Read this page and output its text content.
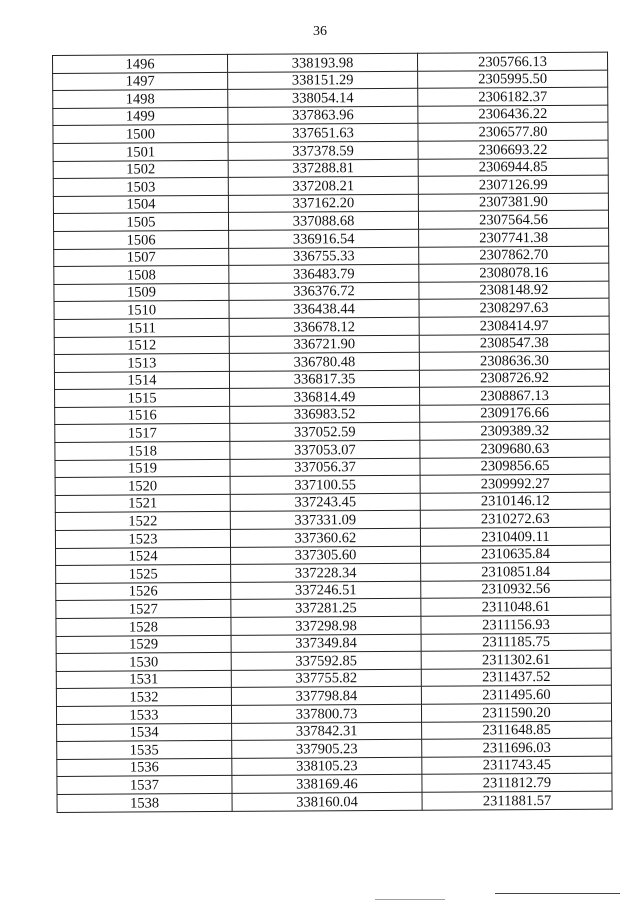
36
1496	338193.98	2305766.13
1497	338151.29	2305995.50
1498	338054.14	2306182.37
1499	337863.96	2306436.22
1500	337651.63	2306577.80
1501	337378.59	2306693.22
1502	337288.81	2306944.85
1503	337208.21	2307126.99
1504	337162.20	2307381.90
1505	337088.68	2307564.56
1506	336916.54	2307741.38
1507	336755.33	2307862.70
1508	336483.79	2308078.16
1509	336376.72	2308148.92
1510	336438.44	2308297.63
1511	336678.12	2308414.97
1512	336721.90	2308547.38
1513	336780.48	2308636.30
1514	336817.35	2308726.92
1515	336814.49	2308867.13
1516	336983.52	2309176.66
1517	337052.59	2309389.32
1518	337053.07	2309680.63
1519	337056.37	2309856.65
1520	337100.55	2309992.27
1521	337243.45	2310146.12
1522	337331.09	2310272.63
1523	337360.62	2310409.11
1524	337305.60	2310635.84
1525	337228.34	2310851.84
1526	337246.51	2310932.56
1527	337281.25	2311048.61
1528	337298.98	2311156.93
1529	337349.84	2311185.75
1530	337592.85	2311302.61
1531	337755.82	2311437.52
1532	337798.84	2311495.60
1533	337800.73	2311590.20
1534	337842.31	2311648.85
1535	337905.23	2311696.03
1536	338105.23	2311743.45
1537	338169.46	2311812.79
1538	338160.04	2311881.57
